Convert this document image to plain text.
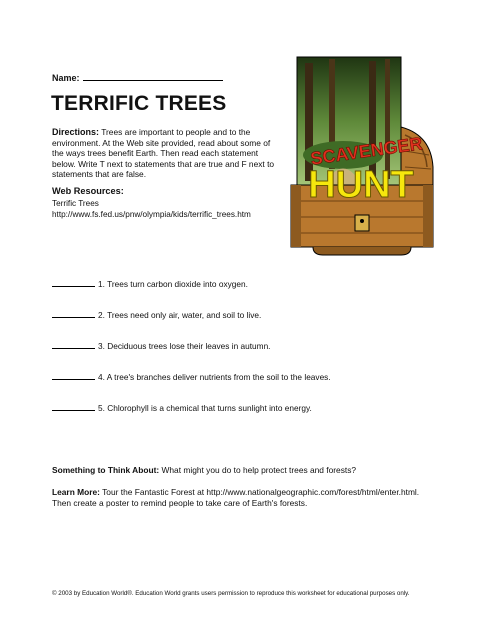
Name:
TERRIFIC TREES
Directions: Trees are important to people and to the environment. At the Web site provided, read about some of the ways trees benefit Earth. Then read each statement below. Write T next to statements that are true and F next to statements that are false.
Web Resources:
Terrific Trees
http://www.fs.fed.us/pnw/olympia/kids/terrific_trees.htm
SCAVENGER
HUNT
1. Trees turn carbon dioxide into oxygen.
2. Trees need only air, water, and soil to live.
3. Deciduous trees lose their leaves in autumn.
4. A tree's branches deliver nutrients from the soil to the leaves.
5. Chlorophyll is a chemical that turns sunlight into energy.
Something to Think About: What might you do to help protect trees and forests?
Learn More: Tour the Fantastic Forest at http://www.nationalgeographic.com/forest/html/enter.html. Then create a poster to remind people to take care of Earth's forests.
© 2003 by Education World®. Education World grants users permission to reproduce this worksheet for educational purposes only.
